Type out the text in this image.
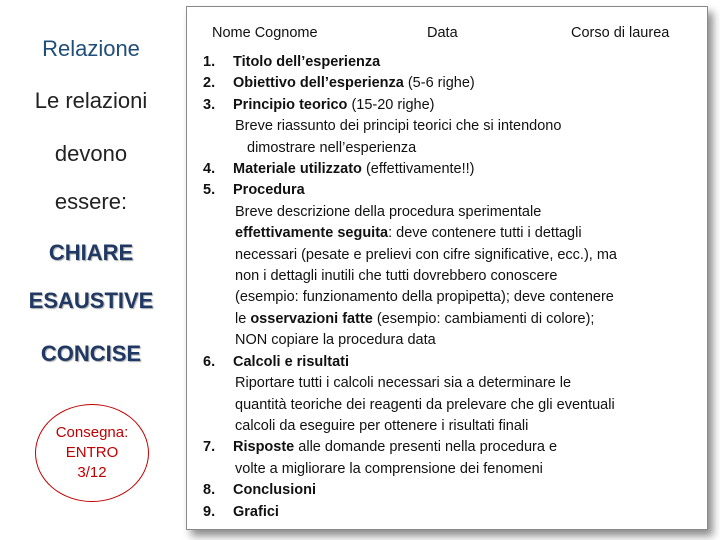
Relazione
Le relazioni
devono
essere:
CHIARE
ESAUSTIVE
CONCISE
Consegna:
ENTRO
3/12
Nome Cognome	Data	Corso di laurea
1. Titolo dell’esperienza
2. Obiettivo dell’esperienza (5-6 righe)
3. Principio teorico (15-20 righe)
Breve riassunto dei principi teorici che si intendono
dimostrare nell’esperienza
4. Materiale utilizzato (effettivamente!!)
5. Procedura
Breve descrizione della procedura sperimentale
effettivamente seguita: deve contenere tutti i dettagli
necessari (pesate e prelievi con cifre significative, ecc.), ma
non i dettagli inutili che tutti dovrebbero conoscere
(esempio: funzionamento della propipetta); deve contenere
le osservazioni fatte (esempio: cambiamenti di colore);
NON copiare la procedura data
6. Calcoli e risultati
Riportare tutti i calcoli necessari sia a determinare le
quantità teoriche dei reagenti da prelevare che gli eventuali
calcoli da eseguire per ottenere i risultati finali
7. Risposte alle domande presenti nella procedura e
volte a migliorare la comprensione dei fenomeni
8. Conclusioni
9. Grafici
